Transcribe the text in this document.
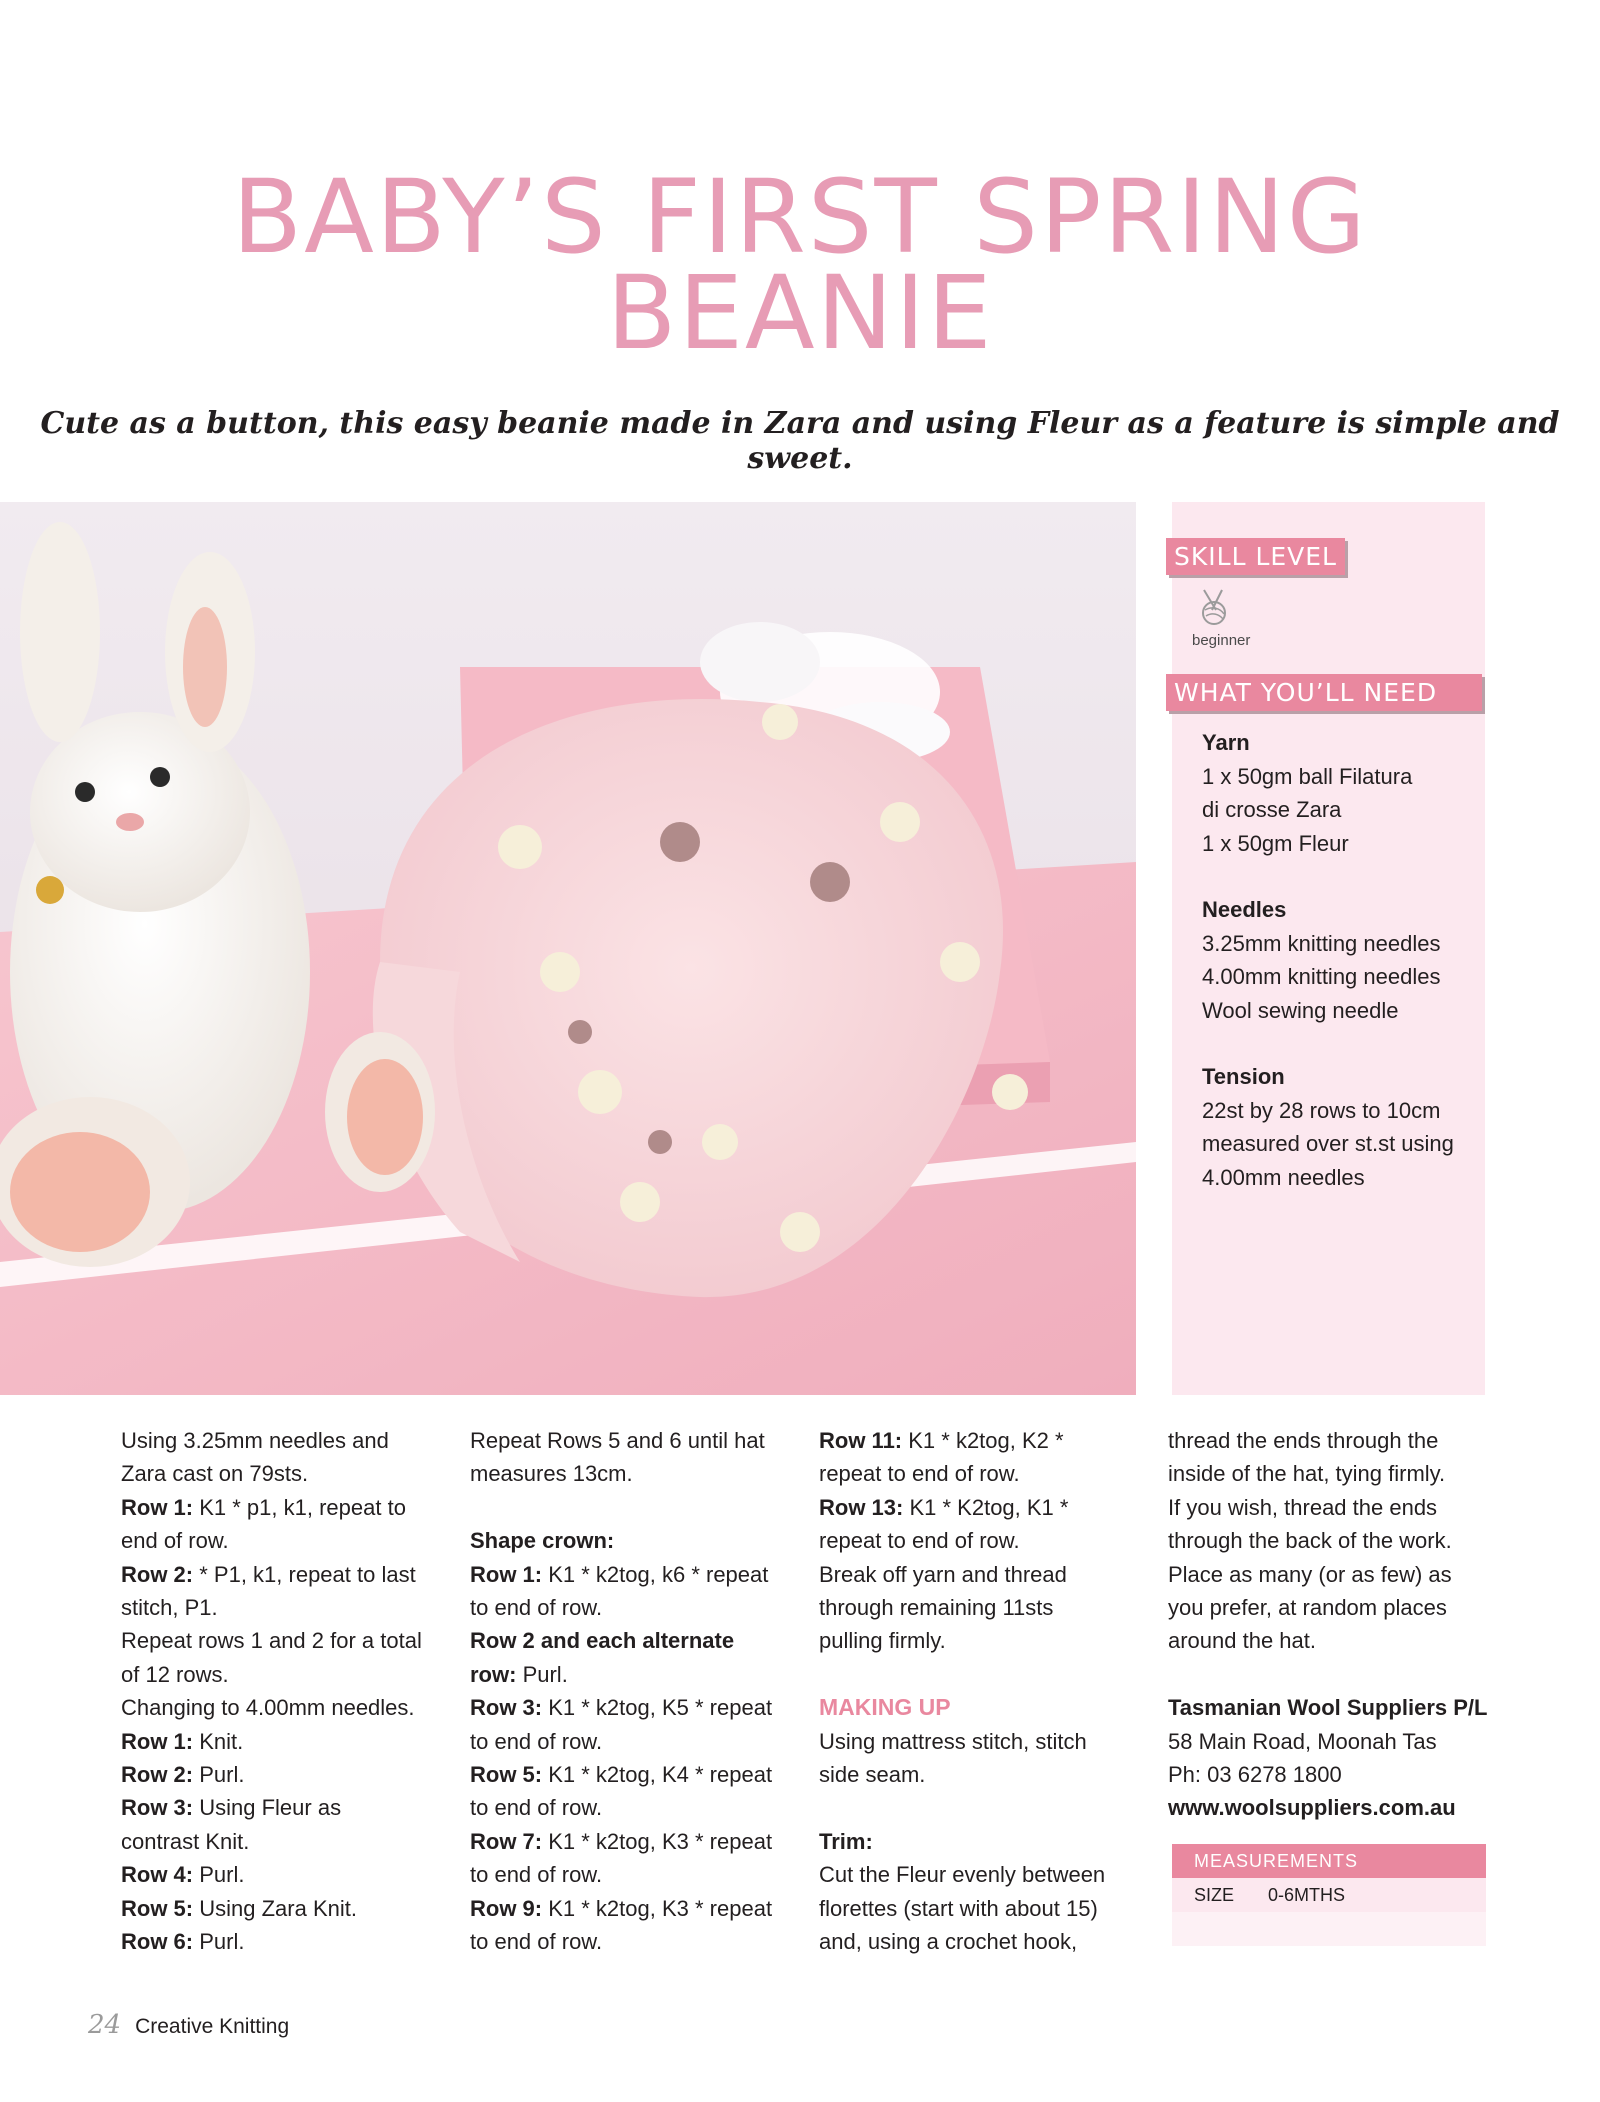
BABY’S FIRST SPRING
BEANIE

Cute as a button, this easy beanie made in Zara and using Fleur as a feature is simple and sweet.

SKILL LEVEL
beginner
WHAT YOU’LL NEED
Yarn
1 x 50gm ball Filatura
di crosse Zara
1 x 50gm Fleur
Needles
3.25mm knitting needles
4.00mm knitting needles
Wool sewing needle
Tension
22st by 28 rows to 10cm
measured over st.st using
4.00mm needles
Using 3.25mm needles and
Zara cast on 79sts.
Row 1: K1 * p1, k1, repeat to
end of row.
Row 2: * P1, k1, repeat to last
stitch, P1.
Repeat rows 1 and 2 for a total
of 12 rows.
Changing to 4.00mm needles.
Row 1: Knit.
Row 2: Purl.
Row 3: Using Fleur as
contrast Knit.
Row 4: Purl.
Row 5: Using Zara Knit.
Row 6: Purl.
Repeat Rows 5 and 6 until hat
measures 13cm.
Shape crown:
Row 1: K1 * k2tog, k6 * repeat
to end of row.
Row 2 and each alternate
row: Purl.
Row 3: K1 * k2tog, K5 * repeat
to end of row.
Row 5: K1 * k2tog, K4 * repeat
to end of row.
Row 7: K1 * k2tog, K3 * repeat
to end of row.
Row 9: K1 * k2tog, K3 * repeat
to end of row.
Row 11: K1 * k2tog, K2 *
repeat to end of row.
Row 13: K1 * K2tog, K1 *
repeat to end of row.
Break off yarn and thread
through remaining 11sts
pulling firmly.
MAKING UP
Using mattress stitch, stitch
side seam.
Trim:
Cut the Fleur evenly between
florettes (start with about 15)
and, using a crochet hook,
thread the ends through the
inside of the hat, tying firmly.
If you wish, thread the ends
through the back of the work.
Place as many (or as few) as
you prefer, at random places
around the hat.
Tasmanian Wool Suppliers P/L
58 Main Road, Moonah Tas
Ph: 03 6278 1800
www.woolsuppliers.com.au
MEASUREMENTS
SIZE	0-6MTHS
24 Creative Knitting
